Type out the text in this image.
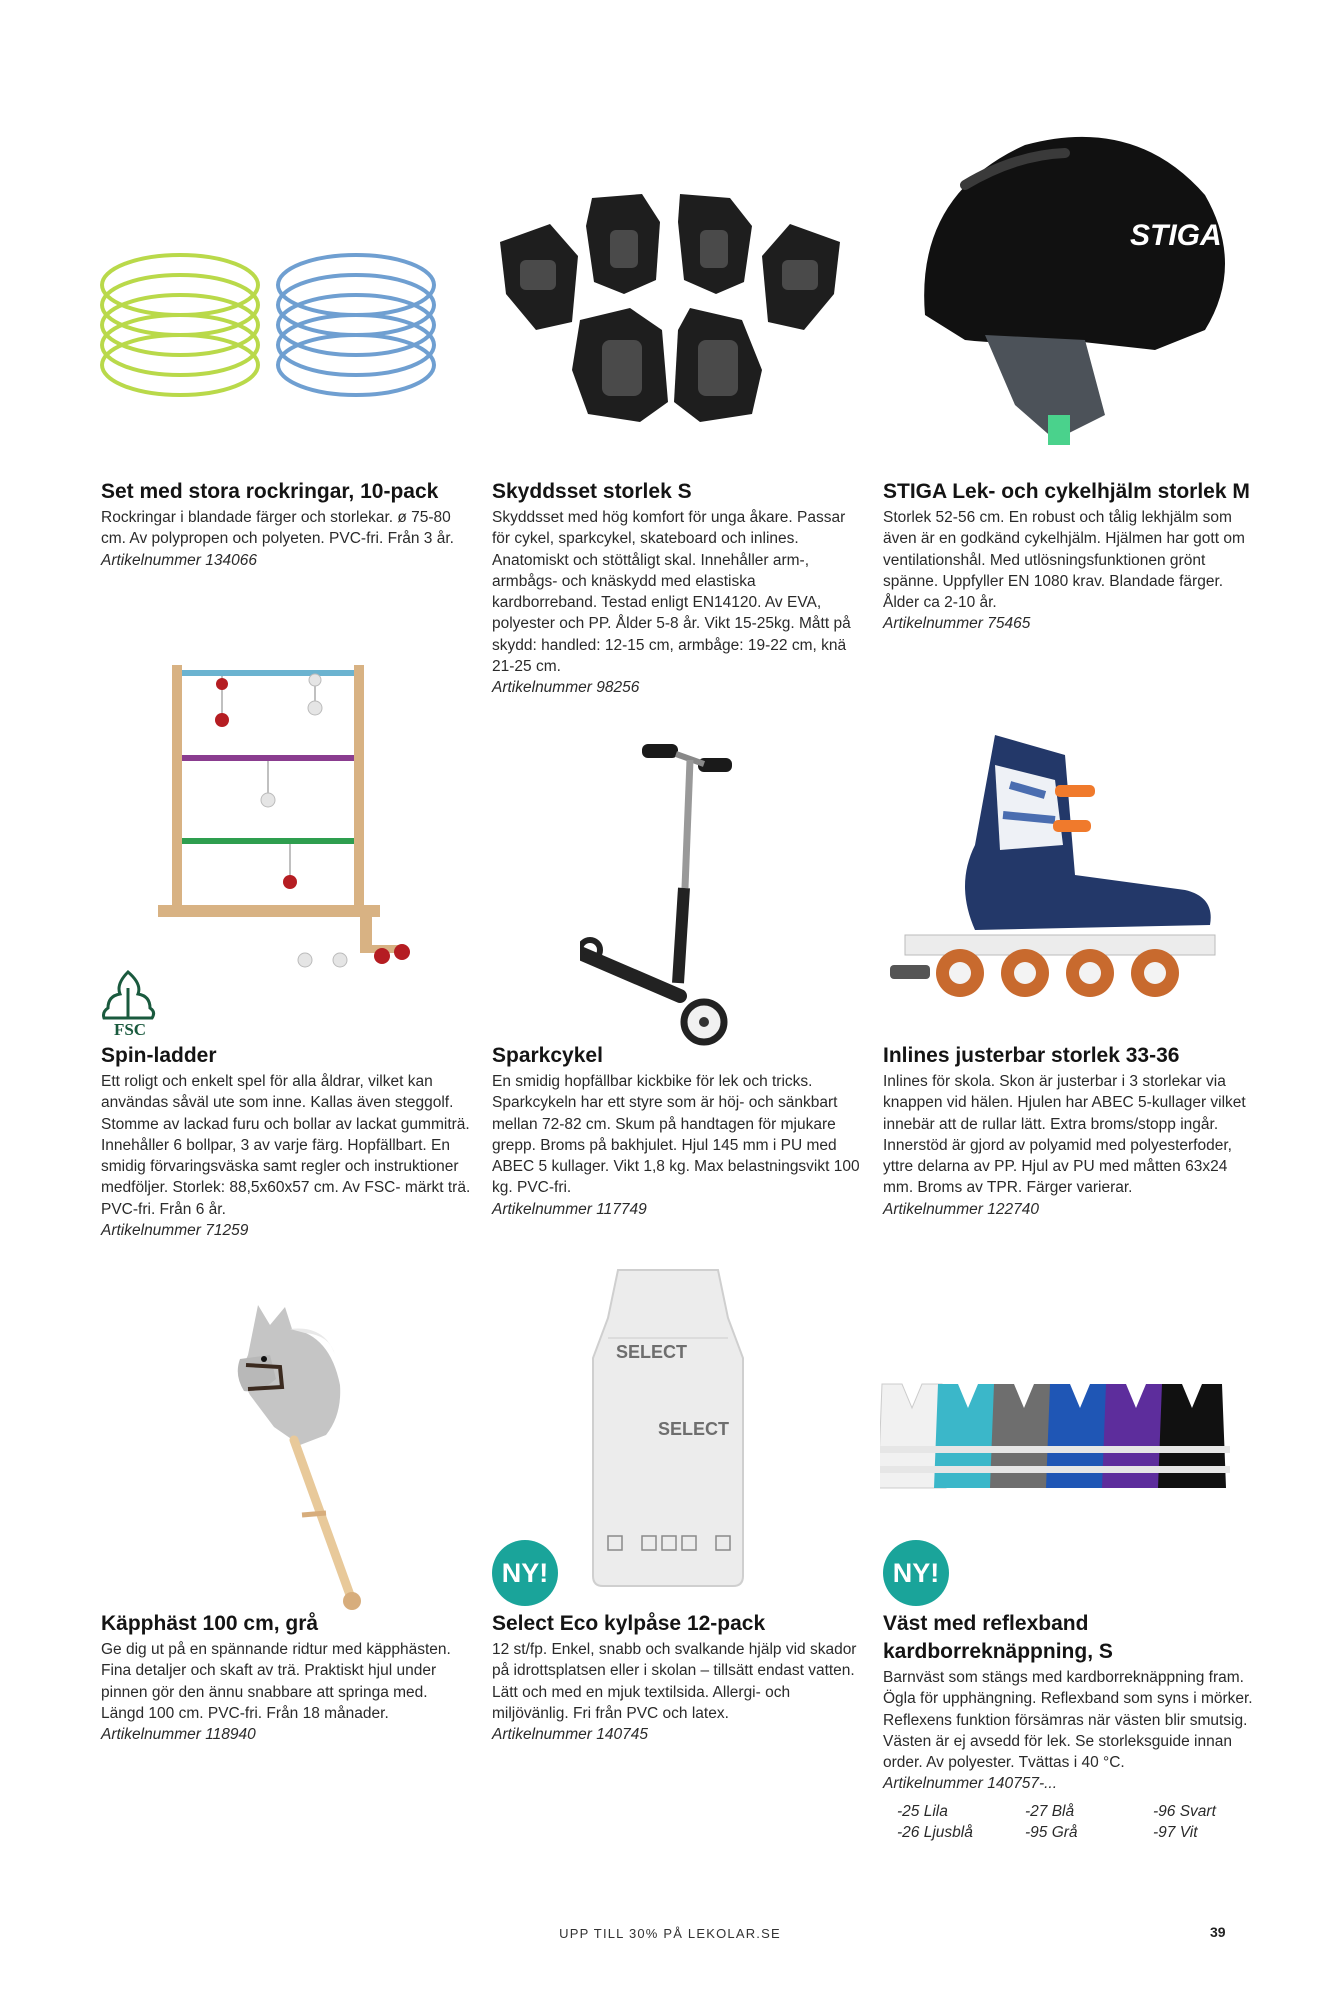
STIGA
Set med stora rockringar, 10-pack
Rockringar i blandade färger och storlekar. ø 75-80 cm. Av polypropen och polyeten. PVC-fri. Från 3 år.
Artikelnummer 134066
Skyddsset storlek S
Skyddsset med hög komfort för unga åkare. Passar för cykel, sparkcykel, skateboard och inlines. Anatomiskt och stöttåligt skal. Innehåller arm-, armbågs- och knäskydd med elastiska kardborreband. Testad enligt EN14120. Av EVA, polyester och PP. Ålder 5-8 år. Vikt 15-25kg. Mått på skydd: handled: 12-15 cm, armbåge: 19-22 cm, knä 21-25 cm.
Artikelnummer 98256
STIGA Lek- och cykelhjälm storlek M
Storlek 52-56 cm. En robust och tålig lekhjälm som även är en godkänd cykelhjälm. Hjälmen har gott om ventilationshål. Med utlösningsfunktionen grönt spänne. Uppfyller EN 1080 krav. Blandade färger. Ålder ca 2-10 år.
Artikelnummer 75465
FSC
Spin-ladder
Ett roligt och enkelt spel för alla åldrar, vilket kan användas såväl ute som inne. Kallas även steggolf. Stomme av lackad furu och bollar av lackat gummiträ. Innehåller 6 bollpar, 3 av varje färg. Hopfällbart. En smidig förvaringsväska samt regler och instruktioner medföljer. Storlek: 88,5x60x57 cm. Av FSC- märkt trä. PVC-fri. Från 6 år.
Artikelnummer 71259
Sparkcykel
En smidig hopfällbar kickbike för lek och tricks. Sparkcykeln har ett styre som är höj- och sänkbart mellan 72-82 cm. Skum på handtagen för mjukare grepp. Broms på bakhjulet. Hjul 145 mm i PU med ABEC 5 kullager. Vikt 1,8 kg. Max belastningsvikt 100 kg. PVC-fri.
Artikelnummer 117749
Inlines justerbar storlek 33-36
Inlines för skola. Skon är justerbar i 3 storlekar via knappen vid hälen. Hjulen har ABEC 5-kullager vilket innebär att de rullar lätt. Extra broms/stopp ingår. Innerstöd är gjord av polyamid med polyesterfoder, yttre delarna av PP. Hjul av PU med måtten 63x24 mm. Broms av TPR. Färger varierar.
Artikelnummer 122740
SELECT
SELECT
NY!	NY!
Käpphäst 100 cm, grå
Ge dig ut på en spännande ridtur med käpphästen. Fina detaljer och skaft av trä. Praktiskt hjul under pinnen gör den ännu snabbare att springa med. Längd 100 cm. PVC-fri. Från 18 månader.
Artikelnummer 118940
Select Eco kylpåse 12-pack
12 st/fp. Enkel, snabb och svalkande hjälp vid skador på idrottsplatsen eller i skolan – tillsätt endast vatten. Lätt och med en mjuk textilsida. Allergi- och miljövänlig. Fri från PVC och latex.
Artikelnummer 140745
Väst med reflexband kardborreknäppning, S
Barnväst som stängs med kardborreknäppning fram. Ögla för upphängning. Reflexband som syns i mörker. Reflexens funktion försämras när västen blir smutsig. Västen är ej avsedd för lek. Se storleksguide innan order. Av polyester. Tvättas i 40 °C.
Artikelnummer 140757-...
-25 Lila	-27 Blå	-96 Svart
-26 Ljusblå	-95 Grå	-97 Vit
UPP TILL 30% PÅ LEKOLAR.SE	39
